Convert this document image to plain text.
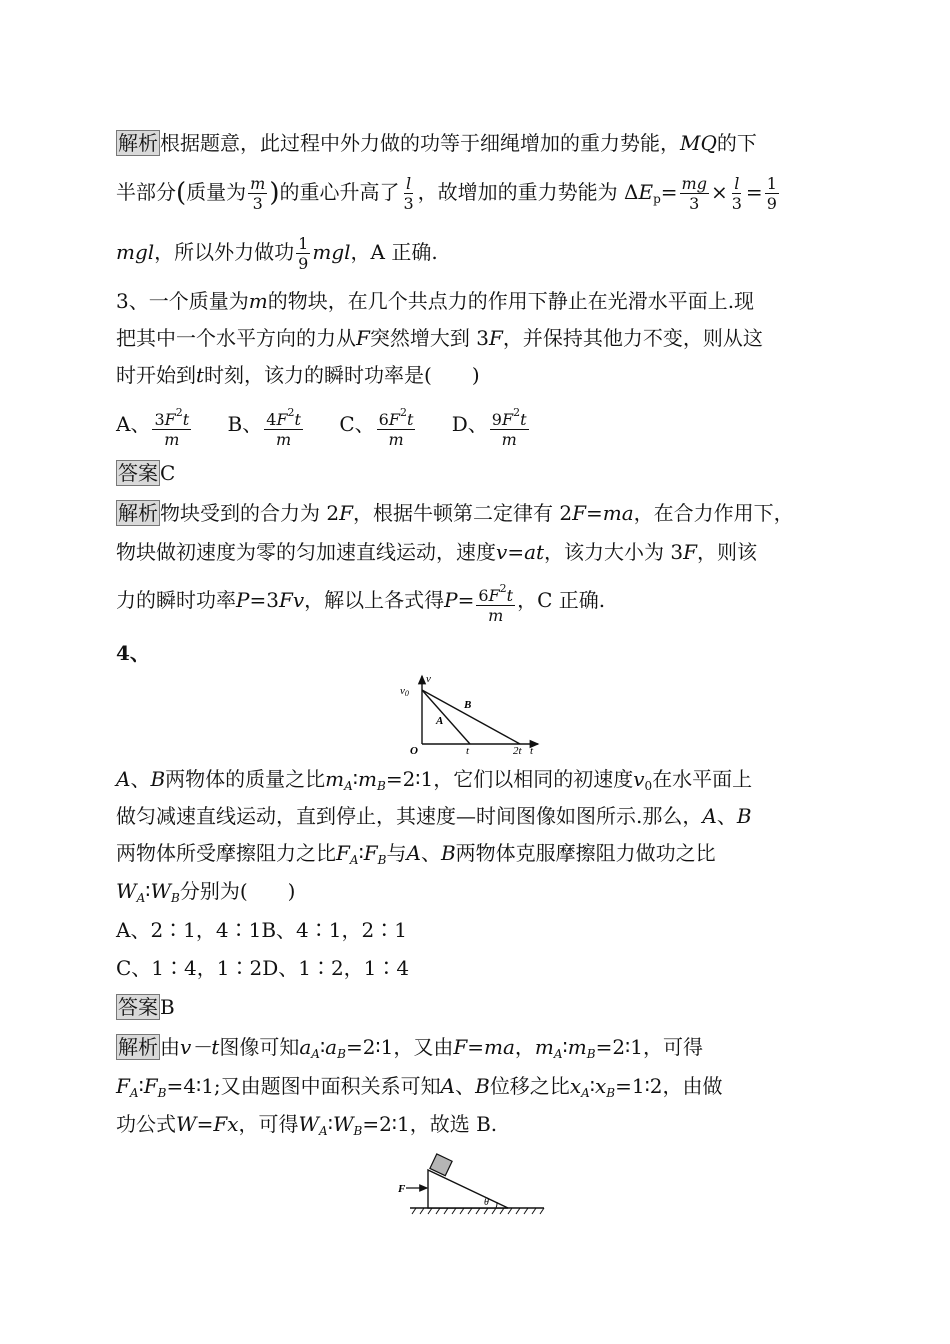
解析 根据题意，此过程中外力做的功等于细绳增加的重力势能，MQ的下
半部分(质量为 $\frac{m}{3}$ )的重心升高了 $\frac{l}{3}$ ，故增加的重力势能为 $\Delta E_p= \frac{mg}{3} \times \frac{l}{3} = \frac{1}{9}$
mgl，所以外力做功 $\frac{1}{9}$ mgl，A 正确.
3、一个质量为m的物块，在几个共点力的作用下静止在光滑水平面上.现
把其中一个水平方向的力从F突然增大到 3F，并保持其他力不变，则从这
时开始到t时刻，该力的瞬时功率是(　　)
A、 $\frac{3F^2t}{m}$ B、 $\frac{4F^2t}{m}$ C、 $\frac{6F^2t}{m}$ D、 $\frac{9F^2t}{m}$
答案 C
解析 物块受到的合力为 2F，根据牛顿第二定律有 2F=ma，在合力作用下，
物块做初速度为零的匀加速直线运动，速度v=at，该力大小为 3F，则该
力的瞬时功率P=3Fv，解以上各式得$P= \frac{6F^2t}{m}$ ，C 正确.
4、
v
v0
O	t	2t t
A
B
A、B两物体的质量之比$m_A∶m_B=2∶1$，它们以相同的初速度$v_0$在水平面上
做匀减速直线运动，直到停止，其速度—时间图像如图所示.那么，A、B
两物体所受摩擦阻力之比$F_A∶F_B$与A、B两物体克服摩擦阻力做功之比
$W_A∶W_B$分别为(　　)
A、2∶1，4∶1B、4∶1，2∶1
C、1∶4，1∶2D、1∶2，1∶4
答案 B
解析 由v－t图像可知$a_A∶a_B=2∶1$，又由F=ma，$m_A∶m_B=2∶1$，可得
$F_A∶F_B=4∶1$;又由题图中面积关系可知A、B位移之比$x_A∶x_B=1∶2$，由做
功公式W=Fx，可得$W_A∶W_B=2∶1$，故选 B.
F
θ
